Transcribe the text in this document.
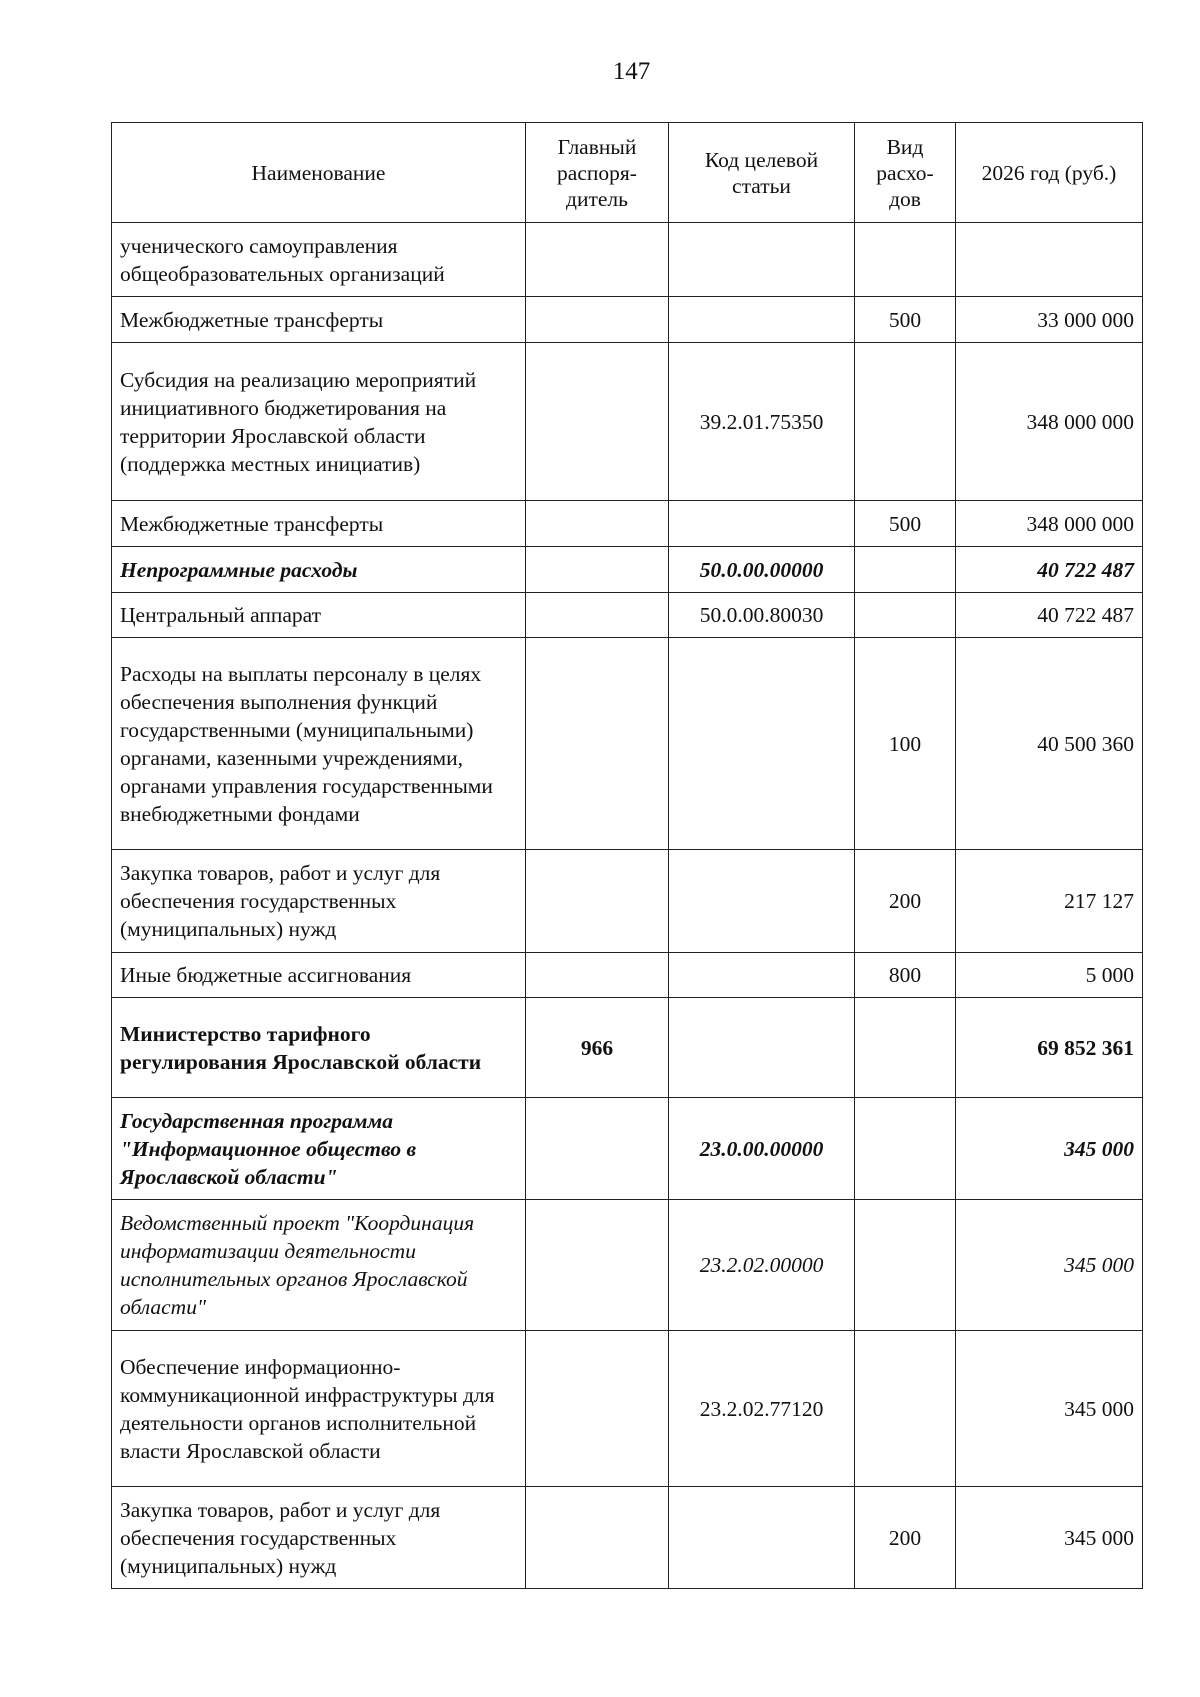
147
Наименование	Главный распоря-дитель	Код целевой статьи	Вид расхо-дов	2026 год (руб.)
ученического самоуправления общеобразовательных организаций				
Межбюджетные трансферты			500	33 000 000
Субсидия на реализацию мероприятий инициативного бюджетирования на территории Ярославской области (поддержка местных инициатив)		39.2.01.75350		348 000 000
Межбюджетные трансферты			500	348 000 000
Непрограммные расходы		50.0.00.00000		40 722 487
Центральный аппарат		50.0.00.80030		40 722 487
Расходы на выплаты персоналу в целях обеспечения выполнения функций государственными (муниципальными) органами, казенными учреждениями, органами управления государственными внебюджетными фондами			100	40 500 360
Закупка товаров, работ и услуг для обеспечения государственных (муниципальных) нужд			200	217 127
Иные бюджетные ассигнования			800	5 000
Министерство тарифного регулирования Ярославской области	966			69 852 361
Государственная программа "Информационное общество в Ярославской области"		23.0.00.00000		345 000
Ведомственный проект "Координация информатизации деятельности исполнительных органов Ярославской области"		23.2.02.00000		345 000
Обеспечение информационно-коммуникационной инфраструктуры для деятельности органов исполнительной власти Ярославской области		23.2.02.77120		345 000
Закупка товаров, работ и услуг для обеспечения государственных (муниципальных) нужд			200	345 000
